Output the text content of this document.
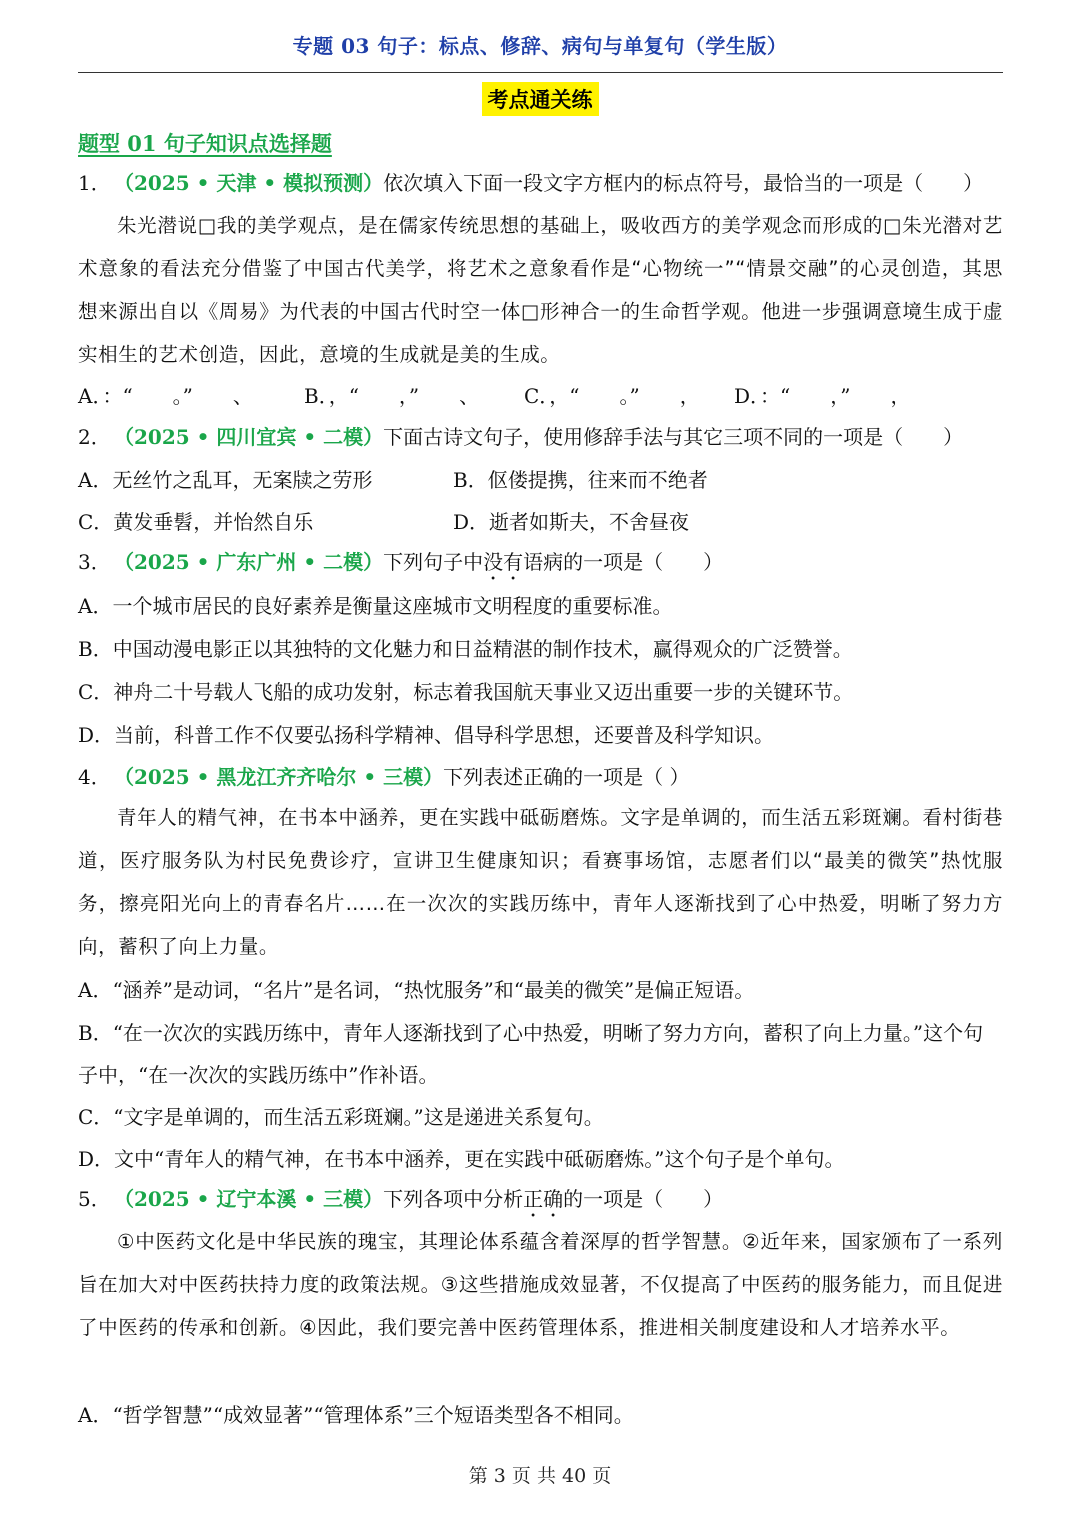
专题 03 句子：标点、修辞、病句与单复句（学生版）
考点通关练
题型 01 句子知识点选择题
1． （2025 • 天津 • 模拟预测）依次填入下面一段文字方框内的标点符号，最恰当的一项是（　　）
朱光潜说□我的美学观点，是在儒家传统思想的基础上，吸收西方的美学观念而形成的□朱光潜对艺术意象的看法充分借鉴了中国古代美学，将艺术之意象看作是“心物统一”“情景交融”的心灵创造，其思想来源出自以《周易》为代表的中国古代时空一体□形神合一的生命哲学观。他进一步强调意境生成于虚实相生的艺术创造，因此，意境的生成就是美的生成。
A．：“　　。”　　、	B．，“　　，”　　、 C．，“　　。”　　， D．：“　　，”　　，
2． （2025 • 四川宜宾 • 二模）下面古诗文句子，使用修辞手法与其它三项不同的一项是（　　）
A．无丝竹之乱耳，无案牍之劳形	B．伛偻提携，往来而不绝者
C．黄发垂髫，并怡然自乐	D．逝者如斯夫，不舍昼夜
3． （2025 • 广东广州 • 二模）下列句子中没有语病的一项是（　　）
A．一个城市居民的良好素养是衡量这座城市文明程度的重要标准。
B．中国动漫电影正以其独特的文化魅力和日益精湛的制作技术，赢得观众的广泛赞誉。
C．神舟二十号载人飞船的成功发射，标志着我国航天事业又迈出重要一步的关键环节。
D．当前，科普工作不仅要弘扬科学精神、倡导科学思想，还要普及科学知识。
4． （2025 • 黑龙江齐齐哈尔 • 三模）下列表述正确的一项是（ ）
青年人的精气神，在书本中涵养，更在实践中砥砺磨炼。文字是单调的，而生活五彩斑斓。看村街巷道，医疗服务队为村民免费诊疗，宣讲卫生健康知识；看赛事场馆，志愿者们以“最美的微笑”热忱服务，擦亮阳光向上的青春名片……在一次次的实践历练中，青年人逐渐找到了心中热爱，明晰了努力方向，蓄积了向上力量。
A．“涵养”是动词，“名片”是名词，“热忱服务”和“最美的微笑”是偏正短语。
B．“在一次次的实践历练中，青年人逐渐找到了心中热爱，明晰了努力方向，蓄积了向上力量。”这个句子中，“在一次次的实践历练中”作补语。
C．“文字是单调的，而生活五彩斑斓。”这是递进关系复句。
D．文中“青年人的精气神，在书本中涵养，更在实践中砥砺磨炼。”这个句子是个单句。
5． （2025 • 辽宁本溪 • 三模）下列各项中分析正确的一项是（　　）
①中医药文化是中华民族的瑰宝，其理论体系蕴含着深厚的哲学智慧。②近年来，国家颁布了一系列旨在加大对中医药扶持力度的政策法规。③这些措施成效显著，不仅提高了中医药的服务能力，而且促进了中医药的传承和创新。④因此，我们要完善中医药管理体系，推进相关制度建设和人才培养水平。
A．“哲学智慧”“成效显著”“管理体系”三个短语类型各不相同。
第 3 页 共 40 页
